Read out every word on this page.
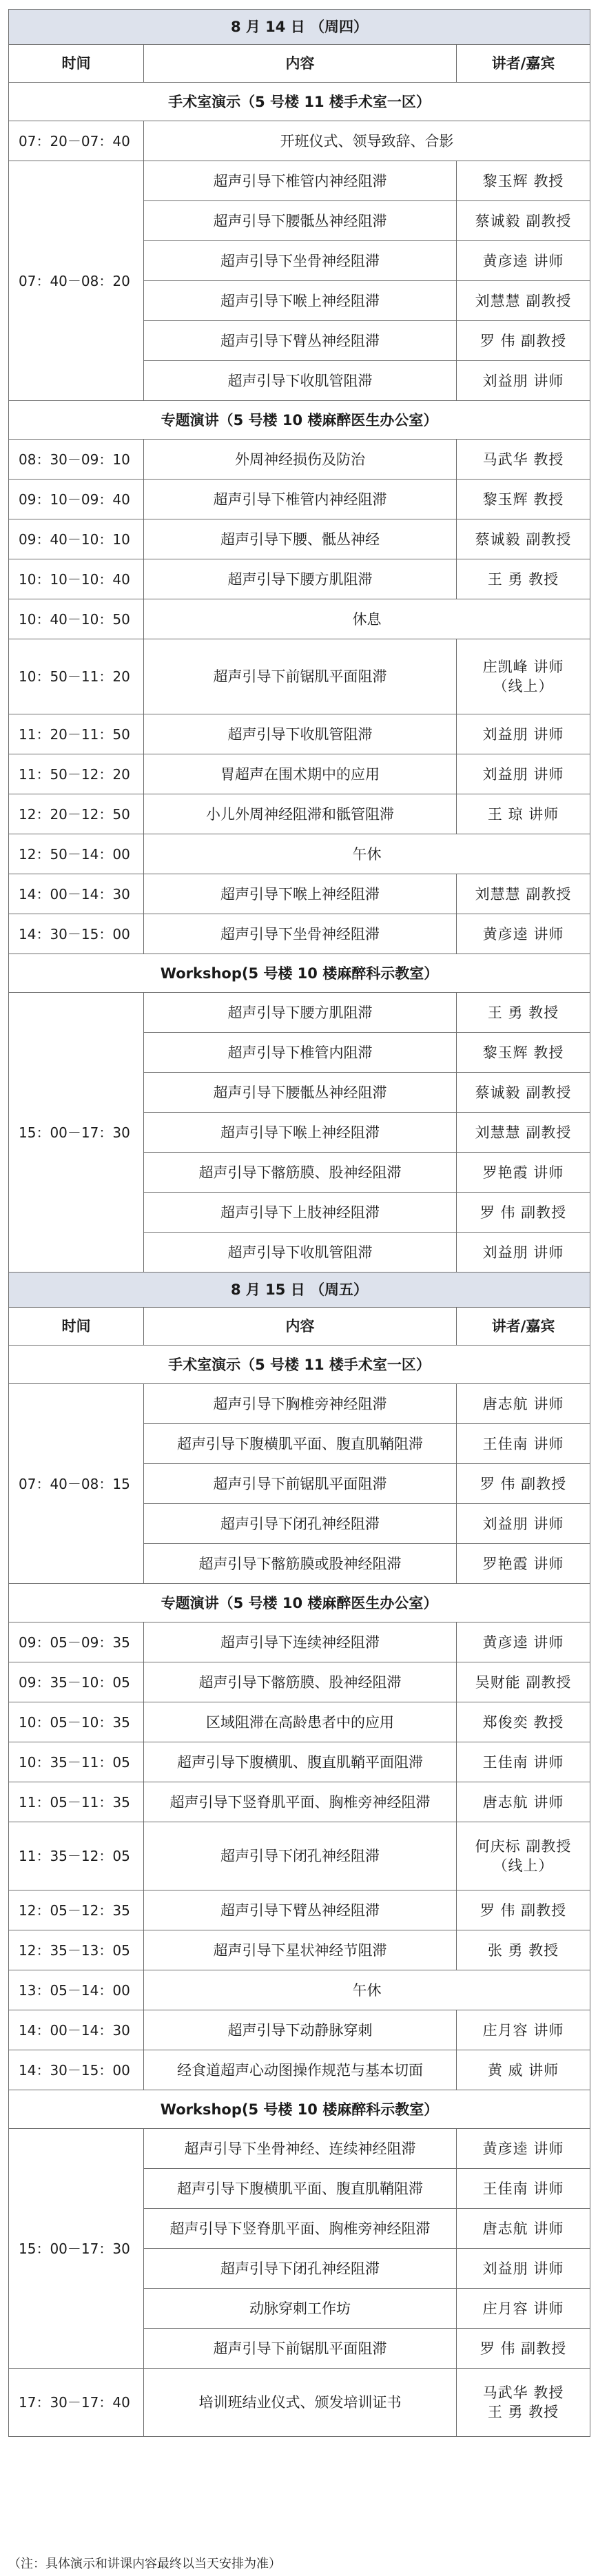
8 月 14 日 （周四）		
时间	内容	讲者/嘉宾
手术室演示（5 号楼 11 楼手术室一区）		
07：20－07：40	开班仪式、领导致辞、合影	
07：40－08：20	超声引导下椎管内神经阻滞	黎玉辉 教授
	超声引导下腰骶丛神经阻滞	蔡诚毅 副教授
	超声引导下坐骨神经阻滞	黄彦逵 讲师
	超声引导下喉上神经阻滞	刘慧慧 副教授
	超声引导下臂丛神经阻滞	罗 伟 副教授
	超声引导下收肌管阻滞	刘益朋 讲师
专题演讲（5 号楼 10 楼麻醉医生办公室）		
08：30－09：10	外周神经损伤及防治	马武华 教授
09：10－09：40	超声引导下椎管内神经阻滞	黎玉辉 教授
09：40－10：10	超声引导下腰、骶丛神经	蔡诚毅 副教授
10：10－10：40	超声引导下腰方肌阻滞	王 勇 教授
10：40－10：50	休息	
10：50－11：20	超声引导下前锯肌平面阻滞	庄凯峰 讲师
（线上）
11：20－11：50	超声引导下收肌管阻滞	刘益朋 讲师
11：50－12：20	胃超声在围术期中的应用	刘益朋 讲师
12：20－12：50	小儿外周神经阻滞和骶管阻滞	王 琼 讲师
12：50－14：00	午休	
14：00－14：30	超声引导下喉上神经阻滞	刘慧慧 副教授
14：30－15：00	超声引导下坐骨神经阻滞	黄彦逵 讲师
Workshop(5 号楼 10 楼麻醉科示教室）		
15：00－17：30	超声引导下腰方肌阻滞	王 勇 教授
	超声引导下椎管内阻滞	黎玉辉 教授
	超声引导下腰骶丛神经阻滞	蔡诚毅 副教授
	超声引导下喉上神经阻滞	刘慧慧 副教授
	超声引导下髂筋膜、股神经阻滞	罗艳霞 讲师
	超声引导下上肢神经阻滞	罗 伟 副教授
	超声引导下收肌管阻滞	刘益朋 讲师
8 月 15 日 （周五）		
时间	内容	讲者/嘉宾
手术室演示（5 号楼 11 楼手术室一区）		
07：40－08：15	超声引导下胸椎旁神经阻滞	唐志航 讲师
	超声引导下腹横肌平面、腹直肌鞘阻滞	王佳南 讲师
	超声引导下前锯肌平面阻滞	罗 伟 副教授
	超声引导下闭孔神经阻滞	刘益朋 讲师
	超声引导下髂筋膜或股神经阻滞	罗艳霞 讲师
专题演讲（5 号楼 10 楼麻醉医生办公室）		
09：05－09：35	超声引导下连续神经阻滞	黄彦逵 讲师
09：35－10：05	超声引导下髂筋膜、股神经阻滞	吴财能 副教授
10：05－10：35	区域阻滞在高龄患者中的应用	郑俊奕 教授
10：35－11：05	超声引导下腹横肌、腹直肌鞘平面阻滞	王佳南 讲师
11：05－11：35	超声引导下竖脊肌平面、胸椎旁神经阻滞	唐志航 讲师
11：35－12：05	超声引导下闭孔神经阻滞	何庆标 副教授
（线上）
12：05－12：35	超声引导下臂丛神经阻滞	罗 伟 副教授
12：35－13：05	超声引导下星状神经节阻滞	张 勇 教授
13：05－14：00	午休	
14：00－14：30	超声引导下动静脉穿刺	庄月容 讲师
14：30－15：00	经食道超声心动图操作规范与基本切面	黄 威 讲师
Workshop(5 号楼 10 楼麻醉科示教室）		
15：00－17：30	超声引导下坐骨神经、连续神经阻滞	黄彦逵 讲师
	超声引导下腹横肌平面、腹直肌鞘阻滞	王佳南 讲师
	超声引导下竖脊肌平面、胸椎旁神经阻滞	唐志航 讲师
	超声引导下闭孔神经阻滞	刘益朋 讲师
	动脉穿刺工作坊	庄月容 讲师
	超声引导下前锯肌平面阻滞	罗 伟 副教授
17：30－17：40	培训班结业仪式、颁发培训证书	马武华 教授
王 勇 教授
（注：具体演示和讲课内容最终以当天安排为准）
